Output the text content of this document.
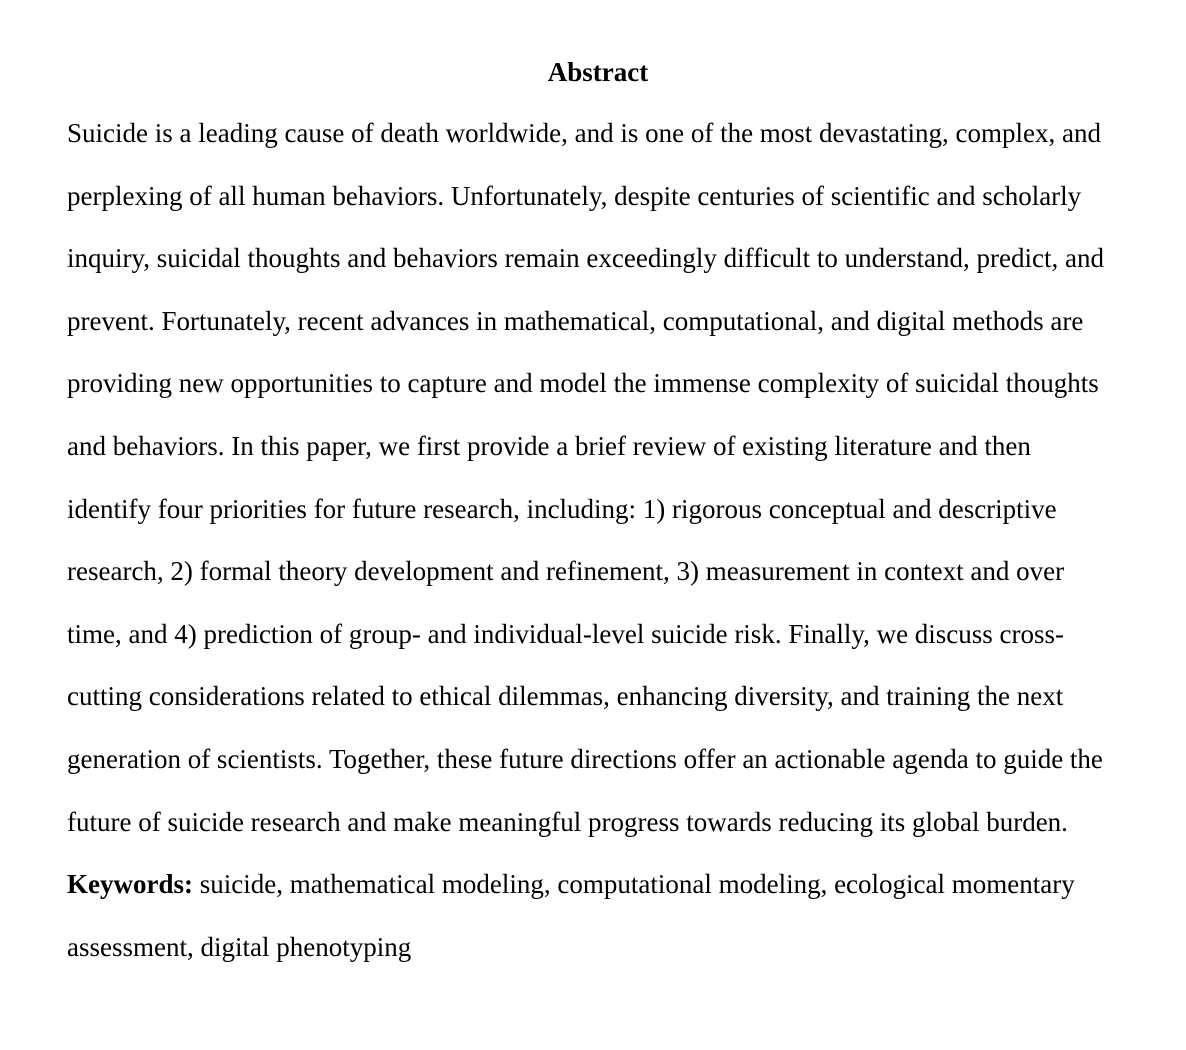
Abstract
Suicide is a leading cause of death worldwide, and is one of the most devastating, complex, and
perplexing of all human behaviors. Unfortunately, despite centuries of scientific and scholarly
inquiry, suicidal thoughts and behaviors remain exceedingly difficult to understand, predict, and
prevent. Fortunately, recent advances in mathematical, computational, and digital methods are
providing new opportunities to capture and model the immense complexity of suicidal thoughts
and behaviors. In this paper, we first provide a brief review of existing literature and then
identify four priorities for future research, including: 1) rigorous conceptual and descriptive
research, 2) formal theory development and refinement, 3) measurement in context and over
time, and 4) prediction of group- and individual-level suicide risk. Finally, we discuss cross-
cutting considerations related to ethical dilemmas, enhancing diversity, and training the next
generation of scientists. Together, these future directions offer an actionable agenda to guide the
future of suicide research and make meaningful progress towards reducing its global burden.
Keywords: suicide, mathematical modeling, computational modeling, ecological momentary
assessment, digital phenotyping
